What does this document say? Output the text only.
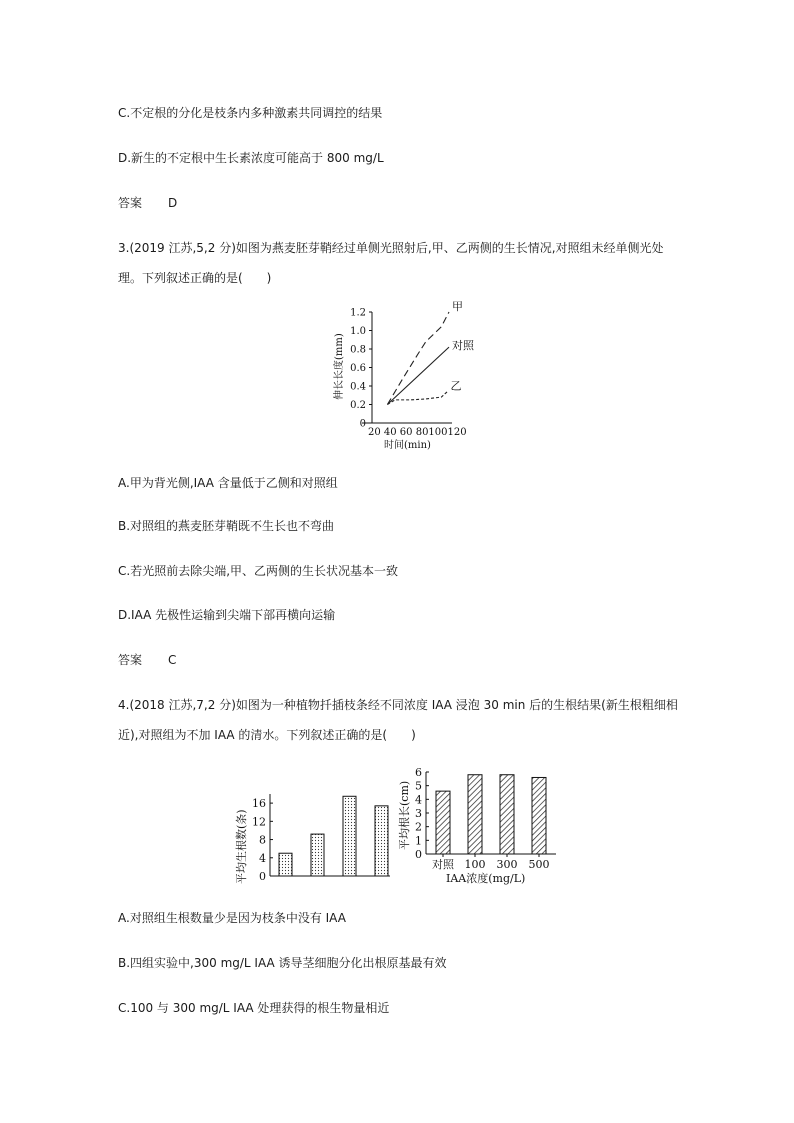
C.不定根的分化是枝条内多种激素共同调控的结果
D.新生的不定根中生长素浓度可能高于 800 mg/L
答案 D
3.(2019 江苏,5,2 分)如图为燕麦胚芽鞘经过单侧光照射后,甲、乙两侧的生长情况,对照组未经单侧光处
理。下列叙述正确的是(　　)
0
0.2
0.4
0.6
0.8
1.0
1.2
20 40 60 80100120
时间(min)
伸长长度(mm)
甲
对照
乙
A.甲为背光侧,IAA 含量低于乙侧和对照组
B.对照组的燕麦胚芽鞘既不生长也不弯曲
C.若光照前去除尖端,甲、乙两侧的生长状况基本一致
D.IAA 先极性运输到尖端下部再横向运输
答案 C
4.(2018 江苏,7,2 分)如图为一种植物扦插枝条经不同浓度 IAA 浸泡 30 min 后的生根结果(新生根粗细相
近),对照组为不加 IAA 的清水。下列叙述正确的是(　　)
0
4
8
12
16
平均生根数(条)	0
1
2
3
4
5
6
平均根长(cm)
对照 100 300 500
IAA浓度(mg/L)
A.对照组生根数量少是因为枝条中没有 IAA
B.四组实验中,300 mg/L IAA 诱导茎细胞分化出根原基最有效
C.100 与 300 mg/L IAA 处理获得的根生物量相近
